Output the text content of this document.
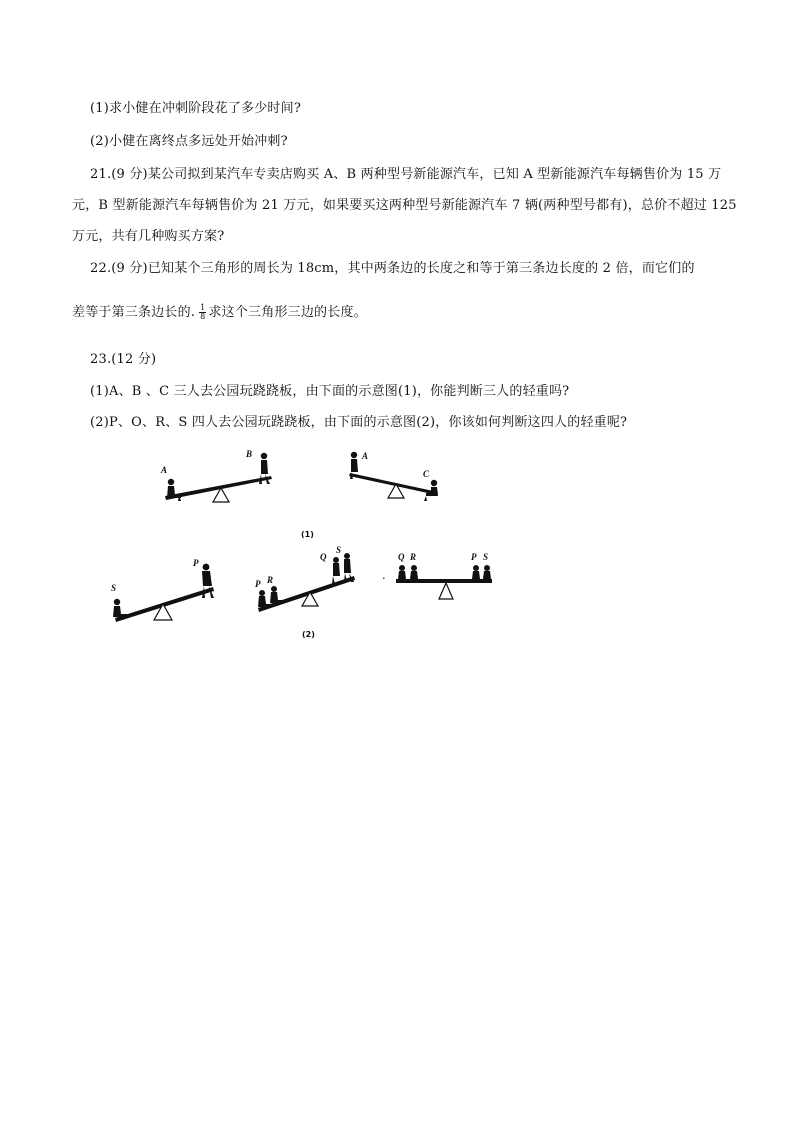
(1)求小健在冲刺阶段花了多少时间?
(2)小健在离终点多远处开始冲刺?
21.(9 分)某公司拟到某汽车专卖店购买 A、B 两种型号新能源汽车，已知 A 型新能源汽车每辆售价为 15 万
元，B 型新能源汽车每辆售价为 21 万元，如果要买这两种型号新能源汽车 7 辆(两种型号都有)，总价不超过 125
万元，共有几种购买方案?
22.(9 分)已知某个三角形的周长为 18cm，其中两条边的长度之和等于第三条边长度的 2 倍，而它们的
差等于第三条边长的. $\frac{1}{8}$ 求这个三角形三边的长度。
23.(12 分)
(1)A、B 、C 三人去公园玩跷跷板，由下面的示意图(1)，你能判断三人的轻重吗?
(2)P、O、R、S 四人去公园玩跷跷板，由下面的示意图(2)，你该如何判断这四人的轻重呢?
A
B	A
C
(1)
S
P
P R
Q
S
.
Q R	P S
(2)
